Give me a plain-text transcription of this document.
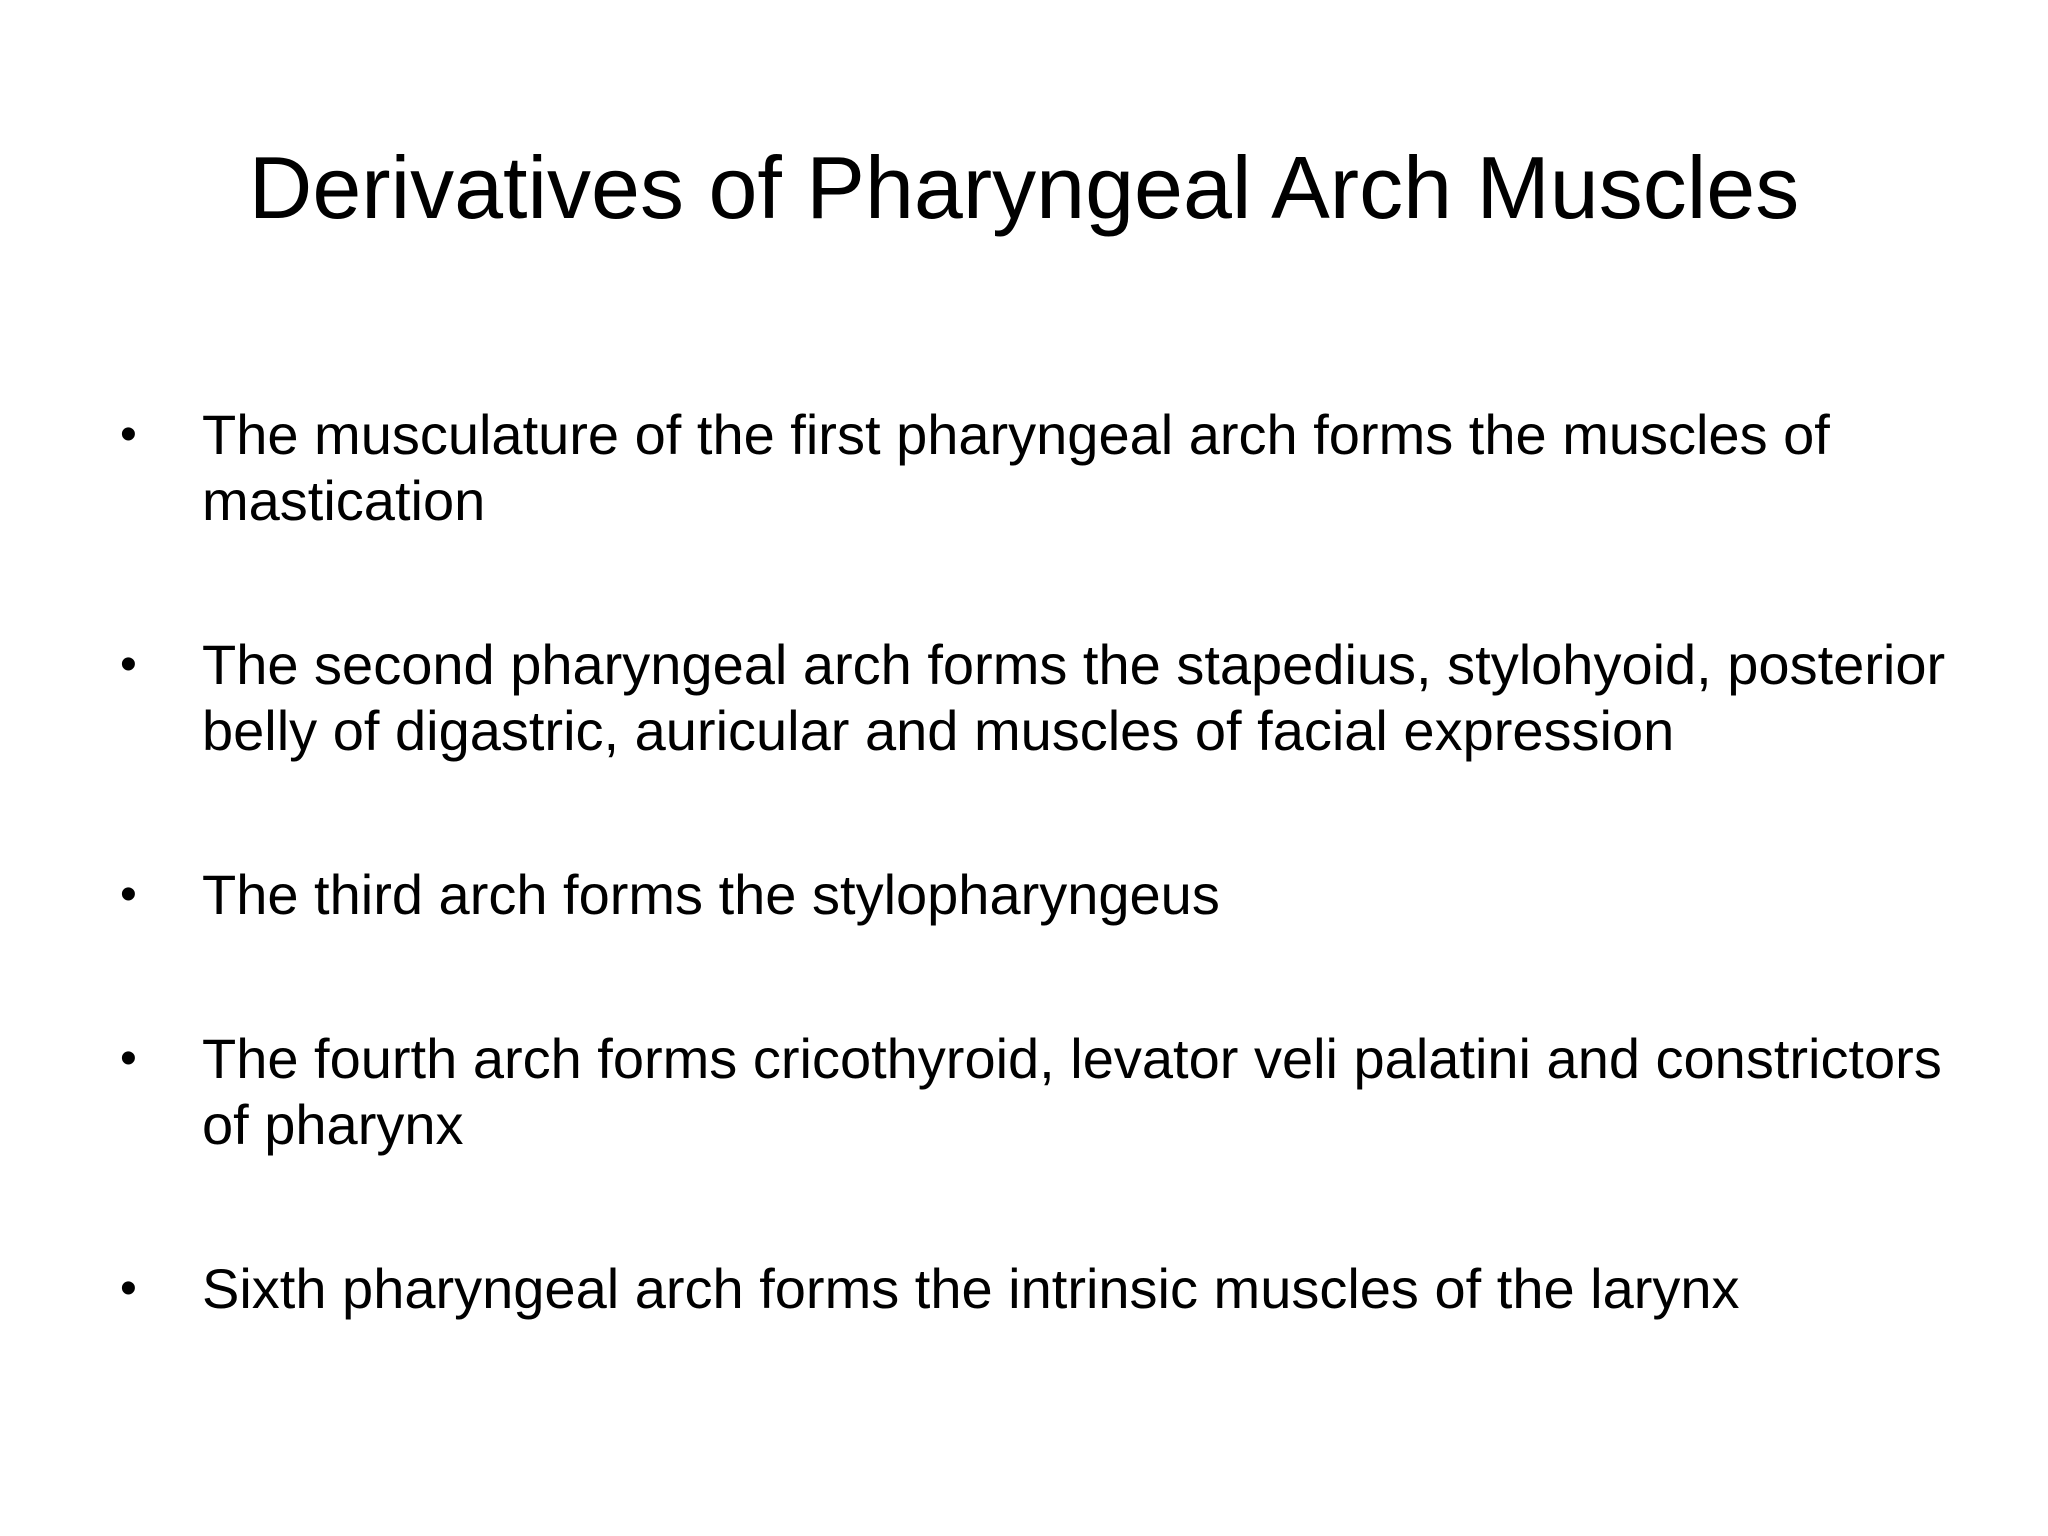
Derivatives of Pharyngeal Arch Muscles
•	The musculature of the first pharyngeal arch forms the muscles of mastication
•	The second pharyngeal arch forms the stapedius, stylohyoid, posterior belly of digastric, auricular and muscles of facial expression
•	The third arch forms the stylopharyngeus
•	The fourth arch forms cricothyroid, levator veli palatini and constrictors of pharynx
•	Sixth pharyngeal arch forms the intrinsic muscles of the larynx
